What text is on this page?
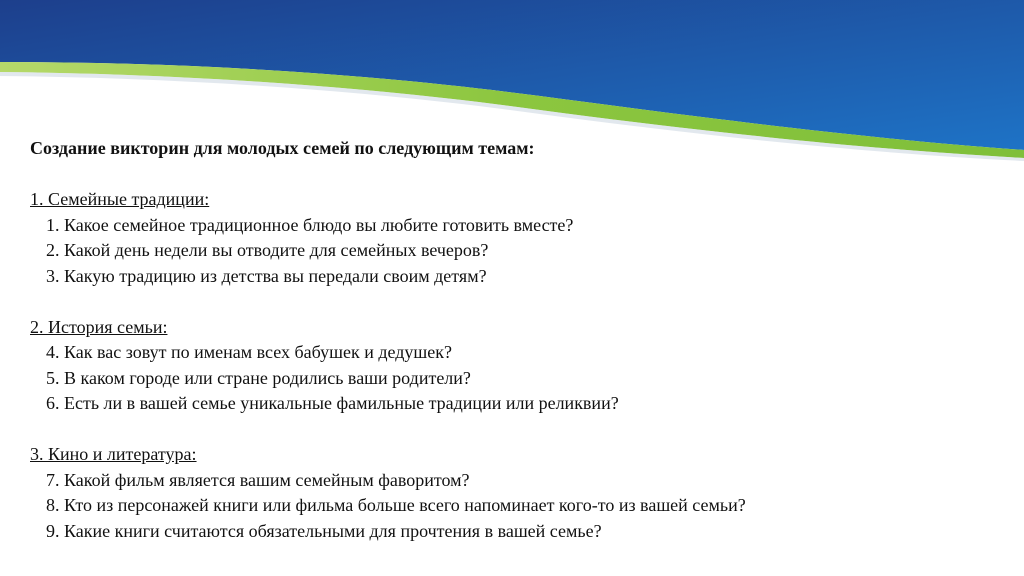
Создание викторин для молодых семей по следующим темам:
1. Семейные традиции:
1. Какое семейное традиционное блюдо вы любите готовить вместе?
2. Какой день недели вы отводите для семейных вечеров?
3. Какую традицию из детства вы передали своим детям?
2. История семьи:
4. Как вас зовут по именам всех бабушек и дедушек?
5. В каком городе или стране родились ваши родители?
6. Есть ли в вашей семье уникальные фамильные традиции или реликвии?
3. Кино и литература:
7. Какой фильм является вашим семейным фаворитом?
8. Кто из персонажей книги или фильма больше всего напоминает кого-то из вашей семьи?
9. Какие книги считаются обязательными для прочтения в вашей семье?
